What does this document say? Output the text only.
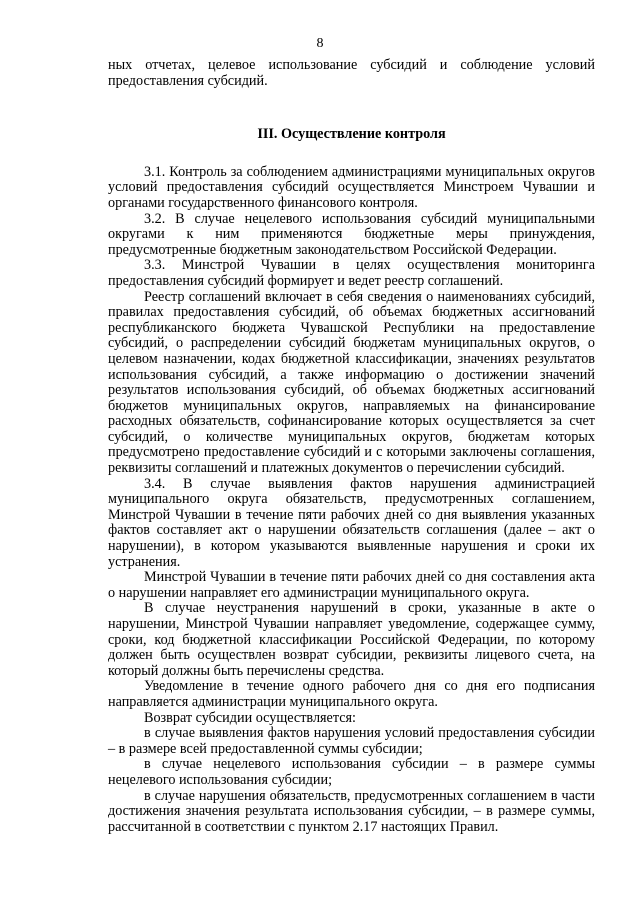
8

ных отчетах, целевое использование субсидий и соблюдение условий предоставления субсидий.

III. Осуществление контроля

3.1. Контроль за соблюдением администрациями муниципальных округов условий предоставления субсидий осуществляется Минстроем Чувашии и органами государственного финансового контроля.

3.2. В случае нецелевого использования субсидий муниципальными округами к ним применяются бюджетные меры принуждения, предусмотренные бюджетным законодательством Российской Федерации.

3.3. Минстрой Чувашии в целях осуществления мониторинга предоставления субсидий формирует и ведет реестр соглашений.

Реестр соглашений включает в себя сведения о наименованиях субсидий, правилах предоставления субсидий, об объемах бюджетных ассигнований республиканского бюджета Чувашской Республики на предоставление субсидий, о распределении субсидий бюджетам муниципальных округов, о целевом назначении, кодах бюджетной классификации, значениях результатов использования субсидий, а также информацию о достижении значений результатов использования субсидий, об объемах бюджетных ассигнований бюджетов муниципальных округов, направляемых на финансирование расходных обязательств, софинансирование которых осуществляется за счет субсидий, о количестве муниципальных округов, бюджетам которых предусмотрено предоставление субсидий и с которыми заключены соглашения, реквизиты соглашений и платежных документов о перечислении субсидий.

3.4. В случае выявления фактов нарушения администрацией муниципального округа обязательств, предусмотренных соглашением, Минстрой Чувашии в течение пяти рабочих дней со дня выявления указанных фактов составляет акт о нарушении обязательств соглашения (далее – акт о нарушении), в котором указываются выявленные нарушения и сроки их устранения.

Минстрой Чувашии в течение пяти рабочих дней со дня составления акта о нарушении направляет его администрации муниципального округа.

В случае неустранения нарушений в сроки, указанные в акте о нарушении, Минстрой Чувашии направляет уведомление, содержащее сумму, сроки, код бюджетной классификации Российской Федерации, по которому должен быть осуществлен возврат субсидии, реквизиты лицевого счета, на который должны быть перечислены средства.

Уведомление в течение одного рабочего дня со дня его подписания направляется администрации муниципального округа.

Возврат субсидии осуществляется:

в случае выявления фактов нарушения условий предоставления субсидии – в размере всей предоставленной суммы субсидии;

в случае нецелевого использования субсидии – в размере суммы нецелевого использования субсидии;

в случае нарушения обязательств, предусмотренных соглашением в части достижения значения результата использования субсидии, – в размере суммы, рассчитанной в соответствии с пунктом 2.17 настоящих Правил.
